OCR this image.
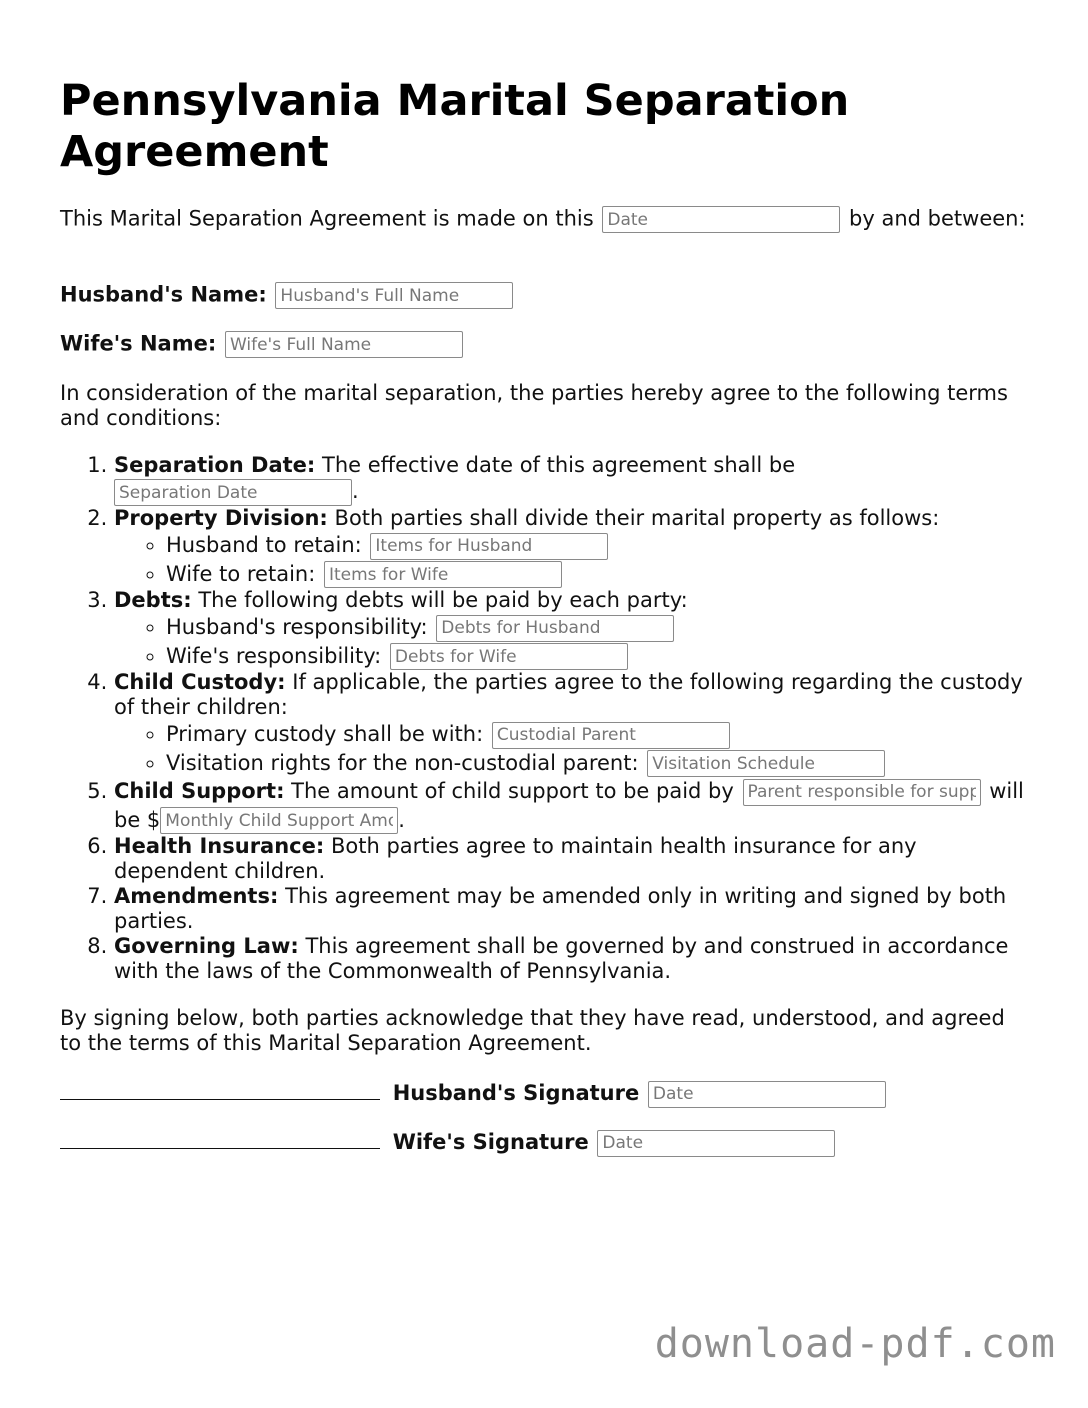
Pennsylvania Marital Separation Agreement
This Marital Separation Agreement is made on this Date	by and between:
Husband's Name: Husband's Full Name
Wife's Name: Wife's Full Name
In consideration of the marital separation, the parties hereby agree to the following terms and conditions:
1. Separation Date: The effective date of this agreement shall be Separation Date.
2. Property Division: Both parties shall divide their marital property as follows:
◦ Husband to retain: Items for Husband
◦ Wife to retain: Items for Wife
3. Debts: The following debts will be paid by each party:
◦ Husband's responsibility: Debts for Husband
◦ Wife's responsibility: Debts for Wife
4. Child Custody: If applicable, the parties agree to the following regarding the custody of their children:
◦ Primary custody shall be with: Custodial Parent
◦ Visitation rights for the non-custodial parent: Visitation Schedule
5. Child Support: The amount of child support to be paid by Parent responsible for support	will be $Monthly Child Support Amount	.
6. Health Insurance: Both parties agree to maintain health insurance for any dependent children.
7. Amendments: This agreement may be amended only in writing and signed by both parties.
8. Governing Law: This agreement shall be governed by and construed in accordance with the laws of the Commonwealth of Pennsylvania.
By signing below, both parties acknowledge that they have read, understood, and agreed to the terms of this Marital Separation Agreement.
Husband's Signature Date
Wife's Signature Date
download-pdf.com
